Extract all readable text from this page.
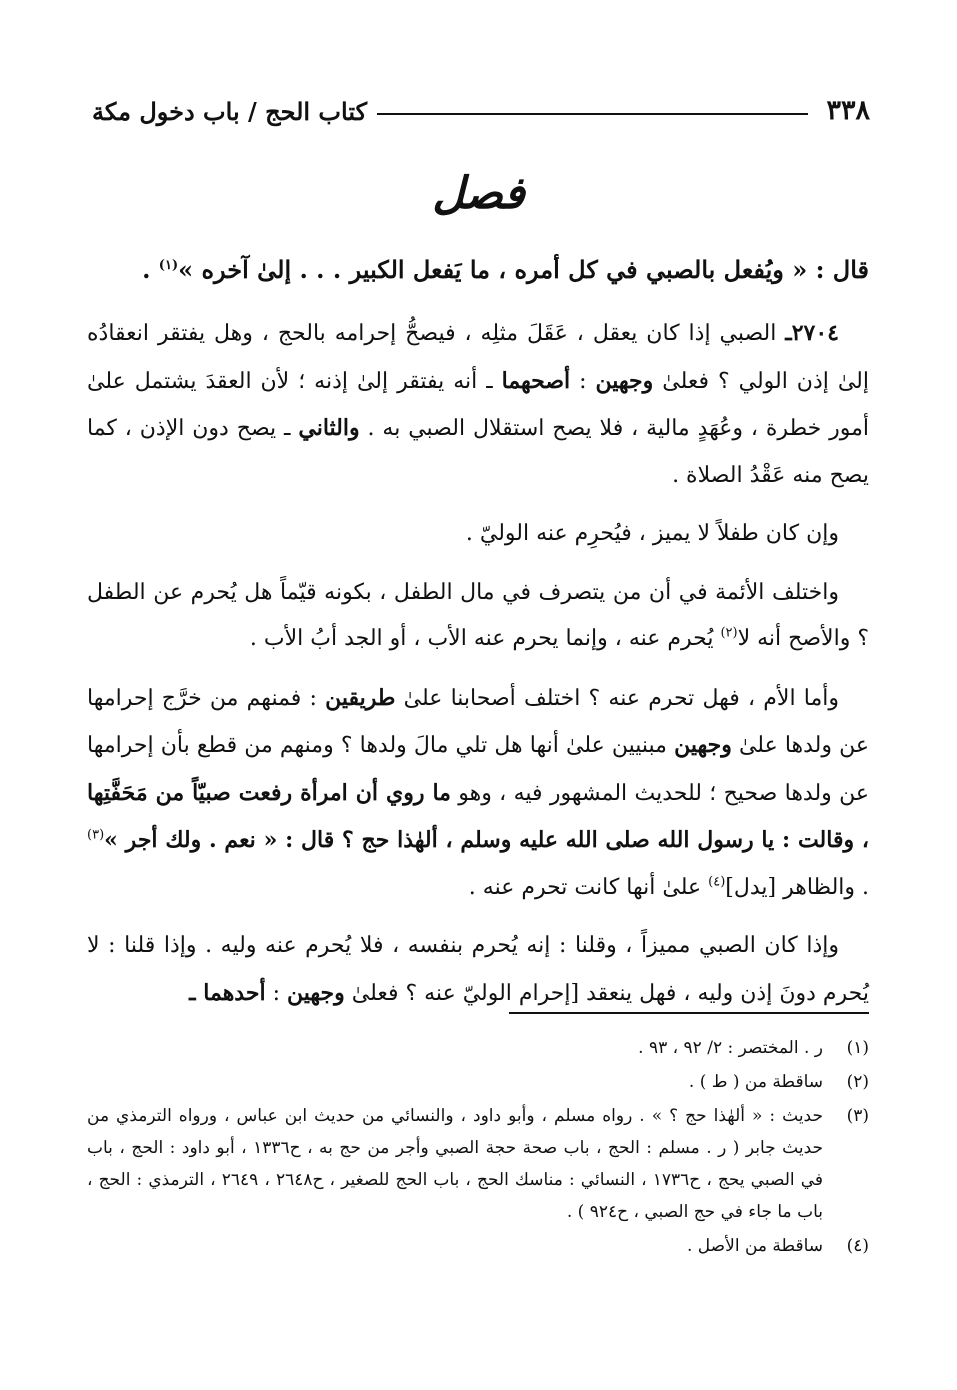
٣٣٨
كتاب الحج / باب دخول مكة
فصل
قال : « ويُفعل بالصبي في كل أمره ، ما يَفعل الكبير . . . إلىٰ آخره »$^{(١)}$ .

٢٧٠٤ـ الصبي إذا كان يعقل ، عَقَلَ مثلِه ، فيصحُّ إحرامه بالحج ، وهل يفتقر انعقادُه إلىٰ إذن الولي ؟ فعلىٰ وجهين : أصحهما ـ أنه يفتقر إلىٰ إذنه ؛ لأن العقدَ يشتمل علىٰ أمور خطرة ، وعُهَدٍ مالية ، فلا يصح استقلال الصبي به . والثاني ـ يصح دون الإذن ، كما يصح منه عَقْدُ الصلاة .

وإن كان طفلاً لا يميز ، فيُحرِم عنه الوليّ .

واختلف الأئمة في أن من يتصرف في مال الطفل ، بكونه قيّماً هل يُحرم عن الطفل ؟ والأصح أنه لا$^{(٢)}$ يُحرم عنه ، وإنما يحرم عنه الأب ، أو الجد أبُ الأب .

وأما الأم ، فهل تحرم عنه ؟ اختلف أصحابنا علىٰ طريقين : فمنهم من خرَّج إحرامها عن ولدها علىٰ وجهين مبنيين علىٰ أنها هل تلي مالَ ولدها ؟ ومنهم من قطع بأن إحرامها عن ولدها صحيح ؛ للحديث المشهور فيه ، وهو ما روي أن امرأة رفعت صبيّاً من مَحَفَّتِها ، وقالت : يا رسول الله صلى الله عليه وسلم ، ألهٰذا حج ؟ قال : « نعم . ولك أجر »$^{(٣)}$ . والظاهر [يدل]$^{(٤)}$ علىٰ أنها كانت تحرم عنه .

وإذا كان الصبي مميزاً ، وقلنا : إنه يُحرم بنفسه ، فلا يُحرم عنه وليه . وإذا قلنا : لا يُحرم دونَ إذن وليه ، فهل ينعقد [إحرام الوليّ عنه ؟ فعلىٰ وجهين : أحدهما ـ

(١)
ر . المختصر : ٢/ ٩٢ ، ٩٣ .
(٢)
ساقطة من ( ط ) .
(٣)
حديث : « ألهٰذا حج ؟ » . رواه مسلم ، وأبو داود ، والنسائي من حديث ابن عباس ، ورواه الترمذي من حديث جابر ( ر . مسلم : الحج ، باب صحة حجة الصبي وأجر من حج به ، ح١٣٣٦ ، أبو داود : الحج ، باب في الصبي يحج ، ح١٧٣٦ ، النسائي : مناسك الحج ، باب الحج للصغير ، ح٢٦٤٨ ، ٢٦٤٩ ، الترمذي : الحج ، باب ما جاء في حج الصبي ، ح٩٢٤ ) .
(٤)
ساقطة من الأصل .
